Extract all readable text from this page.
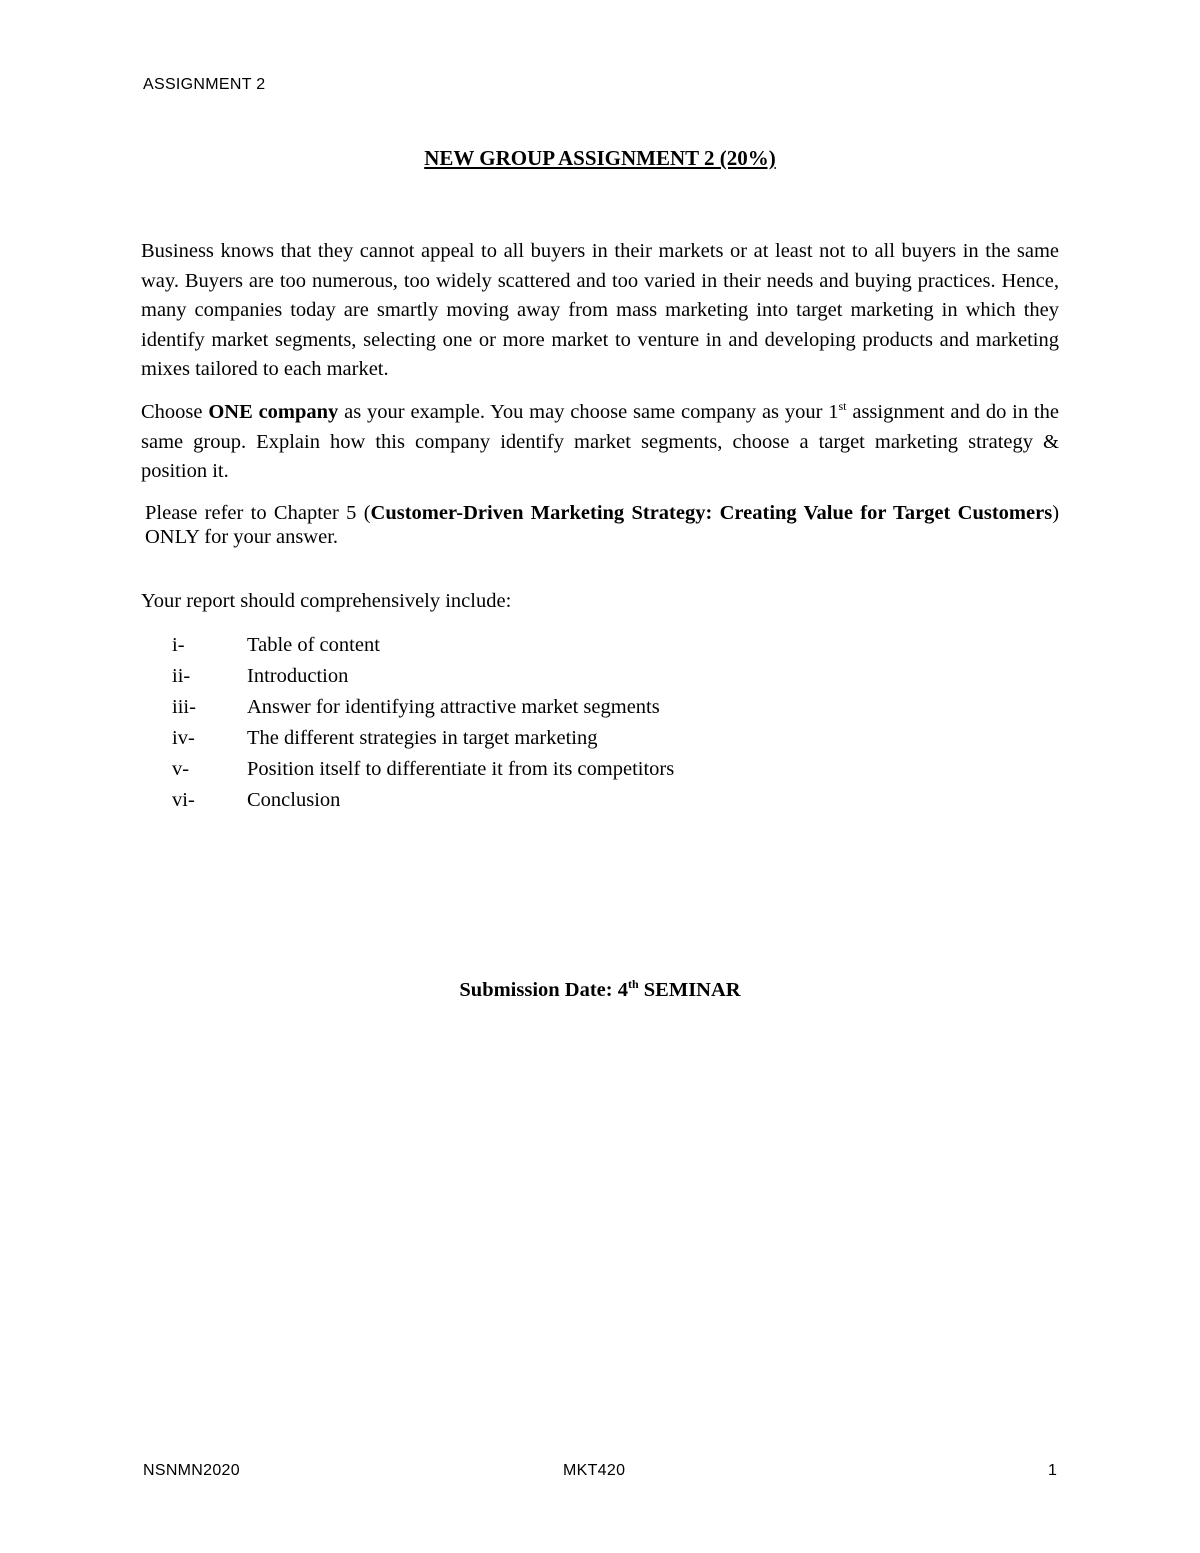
ASSIGNMENT 2
NEW GROUP ASSIGNMENT 2 (20%)
Business knows that they cannot appeal to all buyers in their markets or at least not to all buyers in the same way. Buyers are too numerous, too widely scattered and too varied in their needs and buying practices. Hence, many companies today are smartly moving away from mass marketing into target marketing in which they identify market segments, selecting one or more market to venture in and developing products and marketing mixes tailored to each market.
Choose ONE company as your example. You may choose same company as your 1st assignment and do in the same group. Explain how this company identify market segments, choose a target marketing strategy & position it.
Please refer to Chapter 5 (Customer-Driven Marketing Strategy: Creating Value for Target Customers) ONLY for your answer.
Your report should comprehensively include:
i-	Table of content
ii-	Introduction
iii- Answer for identifying attractive market segments
iv-	The different strategies in target marketing
v-	Position itself to differentiate it from its competitors
vi-	Conclusion
Submission Date: 4th SEMINAR
NSNMN2020	MKT420	1
